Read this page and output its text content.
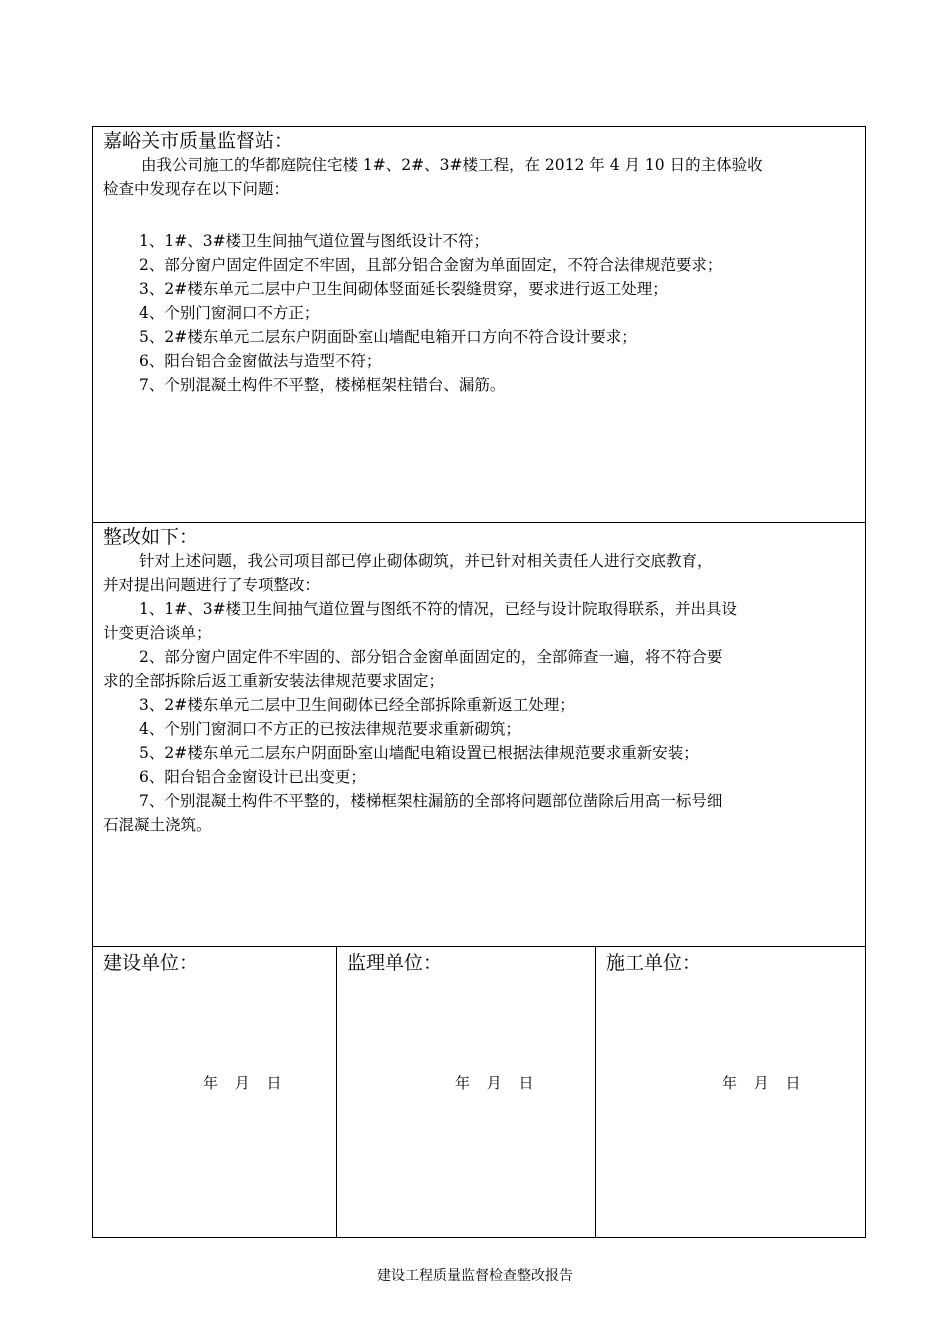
嘉峪关市质量监督站：
由我公司施工的华都庭院住宅楼 1#、2#、3#楼工程，在 2012 年 4 月 10 日的主体验收
检查中发现存在以下问题：
1、1#、3#楼卫生间抽气道位置与图纸设计不符；
2、部分窗户固定件固定不牢固，且部分铝合金窗为单面固定，不符合法律规范要求；
3、2#楼东单元二层中户卫生间砌体竖面延长裂缝贯穿，要求进行返工处理；
4、个别门窗洞口不方正；
5、2#楼东单元二层东户阴面卧室山墙配电箱开口方向不符合设计要求；
6、阳台铝合金窗做法与造型不符；
7、个别混凝土构件不平整，楼梯框架柱错台、漏筋。
整改如下：
针对上述问题，我公司项目部已停止砌体砌筑，并已针对相关责任人进行交底教育，
并对提出问题进行了专项整改：
1、1#、3#楼卫生间抽气道位置与图纸不符的情况，已经与设计院取得联系，并出具设
计变更洽谈单；
2、部分窗户固定件不牢固的、部分铝合金窗单面固定的，全部筛查一遍，将不符合要
求的全部拆除后返工重新安装法律规范要求固定；
3、2#楼东单元二层中卫生间砌体已经全部拆除重新返工处理；
4、个别门窗洞口不方正的已按法律规范要求重新砌筑；
5、2#楼东单元二层东户阴面卧室山墙配电箱设置已根据法律规范要求重新安装；
6、阳台铝合金窗设计已出变更；
7、个别混凝土构件不平整的，楼梯框架柱漏筋的全部将问题部位凿除后用高一标号细
石混凝土浇筑。
建设单位：
年 月 日
监理单位：
年 月 日
施工单位：
年 月 日
建设工程质量监督检查整改报告
